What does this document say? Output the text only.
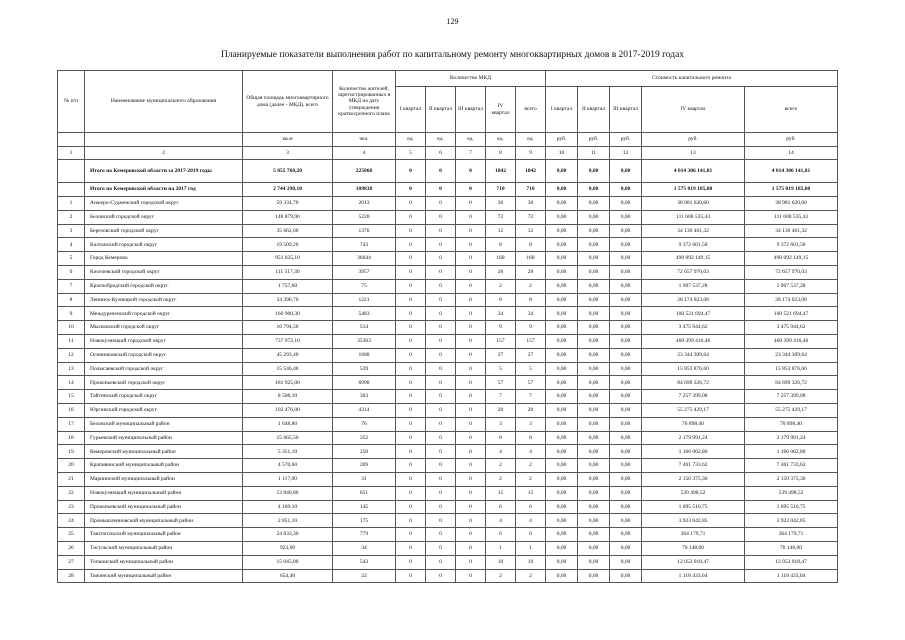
129
Планируемые показатели выполнения работ по капитальному ремонту многоквартирных домов в 2017-2019 годах
№ п/п	Наименование муниципального образования	Общая площадь многоквартирного дома (далее - МКД), всего	Количество жителей, зарегистрированных в МКД на дату утверждения краткосрочного плана	Количество МКД					Стоимость капитального ремонта				
				I квартал	II квартал	III квартал	IV квартал	всего	I квартал	II квартал	III квартал	IV квартал	всего
		кв.м	чел.	ед.	ед.	ед.	ед.	ед.	руб.	руб.	руб.	руб.	руб.
1	2	3	4	5	6	7	8	9	10	11	12	13	14
	Итого по Кемеровской области за 2017-2019 годы	5 855 760,20	225068	0	0	0	1842	1842	0,00	0,00	0,00	4 014 306 141,81	4 014 306 141,81
	Итого по Кемеровской области на 2017 год	2 744 290,10	109838	0	0	0	710	710	0,00	0,00	0,00	1 575 019 185,80	1 575 019 185,80
1	Анжеро-Судженский городской округ	59 334,70	2013	0	0	0	30	30	0,00	0,00	0,00	38 981 620,60	38 981 620,60
2	Беловский городской округ	148 879,90	5220	0	0	0	72	72	0,00	0,00	0,00	111 600 535,43	111 600 535,43
3	Березовский городской округ	35 662,60	1376	0	0	0	12	12	0,00	0,00	0,00	34 130 461,32	34 130 461,32
4	Калтанский городской округ	19 509,20	743	0	0	0	8	8	0,00	0,00	0,00	9 372 601,58	9 372 601,58
5	Город Кемерово	951 035,10	36644	0	0	0	168	168	0,00	0,00	0,00	490 092 149,15	490 092 149,15
6	Киселевский городской округ	111 517,30	3957	0	0	0	28	28	0,00	0,00	0,00	72 657 970,03	72 657 970,03
7	Краснобродский городской округ	1 757,60	75	0	0	0	2	2	0,00	0,00	0,00	1 907 537,28	1 907 537,28
8	Ленинск-Кузнецкий городской округ	34 390,70	1221	0	0	0	8	8	0,00	0,00	0,00	28 174 023,08	28 174 023,08
9	Междуреченский городской округ	160 900,30	5483	0	0	0	34	34	0,00	0,00	0,00	100 521 694,47	100 521 694,47
10	Мысковский городской округ	16 794,50	514	0	0	0	9	9	0,00	0,00	0,00	3 475 944,62	3 475 944,62
11	Новокузнецкий городской округ	737 972,10	35363	0	0	0	157	157	0,00	0,00	0,00	460 399 416,46	460 399 416,46
12	Осинниковский городской округ	45 293,40	1688	0	0	0	27	27	0,00	0,00	0,00	23 344 309,64	23 344 309,64
13	Полысаевский городской округ	15 546,40	539	0	0	0	5	5	0,00	0,00	0,00	15 853 876,60	15 853 876,60
14	Прокопьевский городской округ	181 925,00	6998	0	0	0	57	57	0,00	0,00	0,00	84 699 326,72	84 699 326,72
15	Тайгинский городской округ	8 508,10	303	0	0	0	7	7	0,00	0,00	0,00	7 257 399,08	7 257 399,08
16	Юргинский городской округ	102 476,00	4314	0	0	0	20	20	0,00	0,00	0,00	55 275 429,17	55 275 429,17
17	Беловский муниципальный район	1 648,80	76	0	0	0	3	3	0,00	0,00	0,00	70 898,40	70 898,40
18	Гурьевский муниципальный район	15 665,50	352	0	0	0	8	8	0,00	0,00	0,00	2 179 991,24	2 179 991,24
19	Кемеровский муниципальный район	5 351,10	250	0	0	0	4	4	0,00	0,00	0,00	1 166 062,80	1 166 062,80
20	Крапивинский муниципальный район	4 570,60	269	0	0	0	2	2	0,00	0,00	0,00	7 461 733,62	7 461 733,62
21	Мариинский муниципальный район	1 117,00	31	0	0	0	2	2	0,00	0,00	0,00	2 150 375,36	2 150 375,36
22	Новокузнецкий муниципальный район	12 840,80	651	0	0	0	15	15	0,00	0,00	0,00	539 498,52	539 498,52
23	Прокопьевский муниципальный район	4 169,10	145	0	0	0	6	6	0,00	0,00	0,00	1 695 510,75	1 695 510,75
24	Промышленновский муниципальный район	2 851,10	175	0	0	0	4	4	0,00	0,00	0,00	3 923 042,85	3 923 042,85
25	Таштагольский муниципальный район	24 833,30	779	0	0	0	6	6	0,00	0,00	0,00	364 179,71	364 179,71
26	Тисульский муниципальный район	923,00	34	0	0	0	1	1	0,00	0,00	0,00	70 148,00	70 148,00
27	Топкинский муниципальный район	15 045,00	543	0	0	0	10	10	0,00	0,00	0,00	12 053 918,47	12 053 918,47
28	Тяжинский муниципальный район	654,40	22	0	0	0	2	2	0,00	0,00	0,00	1 118 433,04	1 118 433,04
